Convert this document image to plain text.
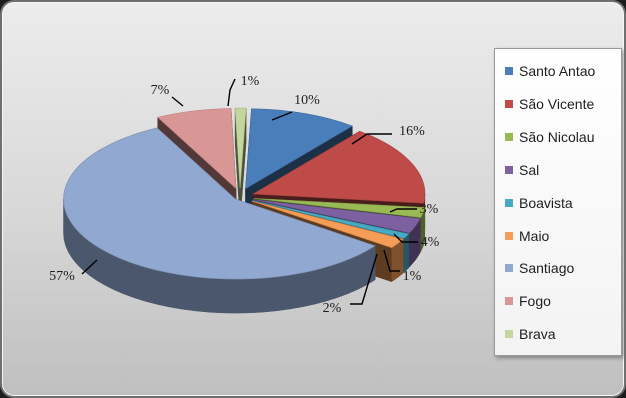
10%
16%
3%
1%
2%
57%
7%
1%
4%
Santo Antao
São Vicente
São Nicolau
Sal
Boavista
Maio
Santiago
Fogo
Brava
